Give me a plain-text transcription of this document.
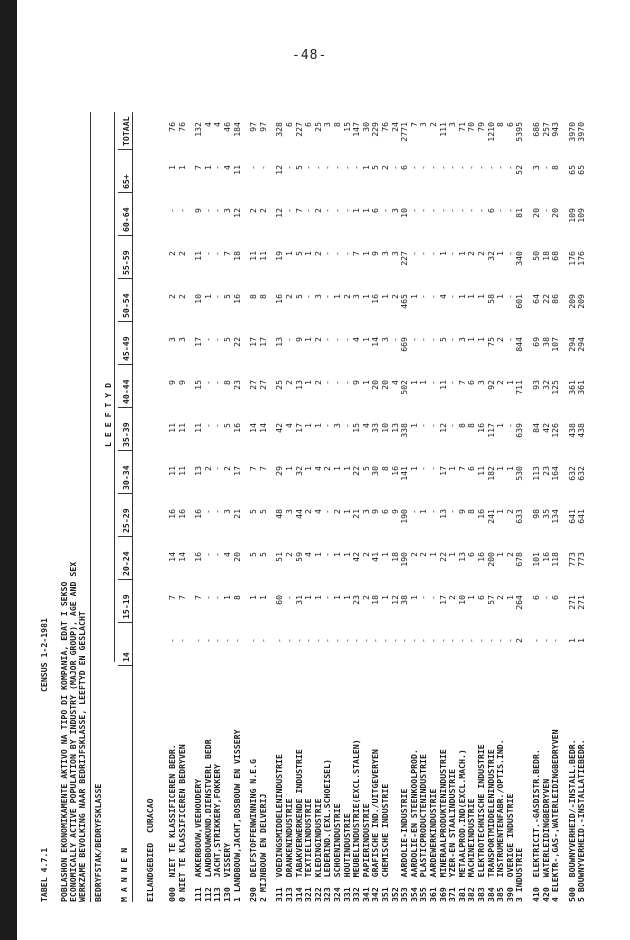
-48-
TABEL 4.7.1
CENSUS 1-2-1981 POBLASHON EKONOMIKAMENTE AKTIVO NA TIPO DI KOMPANIA, EDAT I SEKSO ECONOMICALLY ACTIVE POPULATION BY INDUSTRY (MAJOR GROUP), AGE AND SEX WERKZAME BEVOLKING NAAR BEDRIJFSKLASSE, LEEFTYD EN GESLACHT BEDRYFSTAK/BEDRYFSKLASSE
L E E F T Y D
M A N N E N
14
15-19
20-24
25-29
30-34
35-39
40-44
45-49
50-54
55-59
60-64
65+
TOTAAL
EILANDGEBIED  CURACAO 000  NIET TE KLASSIFICEREN BEDR.
-
7
14
16
11
11
9
3
2
2
-
1
76
0 NIET TE KLASSIFICEREN BEDRYVEN
-
7
14
16
11
11
9
3
2
2
-
1
76
111  AKKERBOUW,VEEHOUDERY
-
7
16
16
13
11
15
17
10
11
9
7
132
112  LANDBOUWKUND.DIENSTVERL BEDR
-
-
-
-
2
-
-
-
1
-
-
1
4
113  JACHT,STRIKKERY,FOKKERY
-
-
-
-
-
-
-
-
-
-
-
-
4
130  VISSERY
-
1
4
3
2
5
8
5
5
7
3
4
46
1 LANDBOUW,JACHT,BOSBOUW EN VISSERY
-
8
20
21
17
16
23
22
16
18
12
11
184
290  DELFSTOFFENWINNING N.E.G
-
1
5
5
7
14
27
17
8
11
2
-
97
2 MIJNBOUW EN DELVERIJ
-
1
5
5
7
14
27
17
8
11
2
-
97
311  VOEDINGSMIDDELENINDUSTRIE
-
60
51
48
29
42
25
13
16
19
12
12
328
313  DRANKENINDUSTRIE
-
-
2
3
1
4
2
-
2
1
-
-
6
314  TABAKVERWERKENDE INDUSTRIE
-
31
59
44
32
17
13
9
5
5
7
5
227
321  TEXTIELINDUSTRIE
-
1
4
2
1
1
1
1
-
1
-
-
6
322  KLEDINGINDUSTRIE
-
1
1
4
4
1
2
2
3
2
2
-
25
323  LEDERIND.(EXL.SCHOEISEL)
-
-
-
-
2
-
-
-
-
-
-
-
3
324  SCHOENINDUSTRIE
-
1
1
2
1
3
-
-
1
-
-
-
8
331  HOUTINDUSTRIE
-
1
1
1
1
-
-
-
2
-
-
-
15
332  MEUBELINDUSTRIE(EXCL.STALEN)
-
23
42
21
22
15
9
4
3
7
1
-
147
341  PAPIERINDUSTRIE
-
2
2
3
5
4
1
1
1
1
1
1
30
342  GRAFISCHE IND./UITGEVERYEN
-
18
41
9
30
33
20
14
16
9
6
5
229
351  CHEMISCHE INDUSTRIE
-
1
1
6
8
10
20
3
1
3
-
2
76
352
-
12
18
9
16
13
4
-
2
3
3
-
24
353  AARDOLIE-INDUSTRIE
-
38
190
190
141
338
502
669
465
227
10
6
2771
354  AARDOLIE-EN STEENKOOLPROD.
-
1
2
-
1
1
1
-
1
-
-
-
7
355  PLASTICPRODUCTENINDUSTRIE
-
-
2
1
-
-
1
-
-
-
-
-
3
361  AARDEWERKINDUSTRIE
-
-
1
-
-
-
-
-
-
-
-
-
2
369  MINERAALPRODUKTENINDUSTRIE
-
17
22
13
17
12
11
5
4
1
-
-
111
371  YZER-EN STAALINDUSTRIE
-
2
1
-
1
-
-
-
-
-
-
-
3
381  METAALPROD.IND(EXCL.MACH.)
-
10
13
9
7
8
7
3
1
1
-
-
71
382  MACHINEINDUSTRIE
-
1
6
8
6
8
6
1
1
2
-
-
70
383  ELEKTROTECHNISCHE INDUSTRIE
-
6
16
16
11
16
3
1
1
2
-
-
79
384  TRANSPORTMIDDELENINDUSTRIE
-
57
200
241
182
117
92
75
58
32
6
-
1210
385  INSTRUMENTENFABR./OPTIS.IND.
-
2
1
1
1
1
2
2
1
1
-
-
8
390  OVERIGE INDUSTRIE
-
1
2
2
1
-
1
-
-
-
-
-
6
3 INDUSTRIE
2
264
678
633
530
639
711
844
601
340
81
52
5395
410  ELEKTRICIT.-GASDISTR.BEDR.
-
6
101
98
113
84
93
69
64
50
20
3
686
420  WATERLEIDINGBEDRYVEN
-
-
16
35
23
42
32
38
22
18
-
-
257
4 ELEKTR-,GAS-,WATERLEIDINGBEDRYVEN
-
6
118
134
164
126
125
107
86
68
20
8
943
500  BOUWNYVERHEID/-INSTALL.BEDR.
1
271
773
641
632
438
361
294
209
176
109
65
3970
5 BOUWNYVERHEID.-INSTALLATIEBEDR.
1
271
773
641
632
438
361
294
209
176
109
65
3970
